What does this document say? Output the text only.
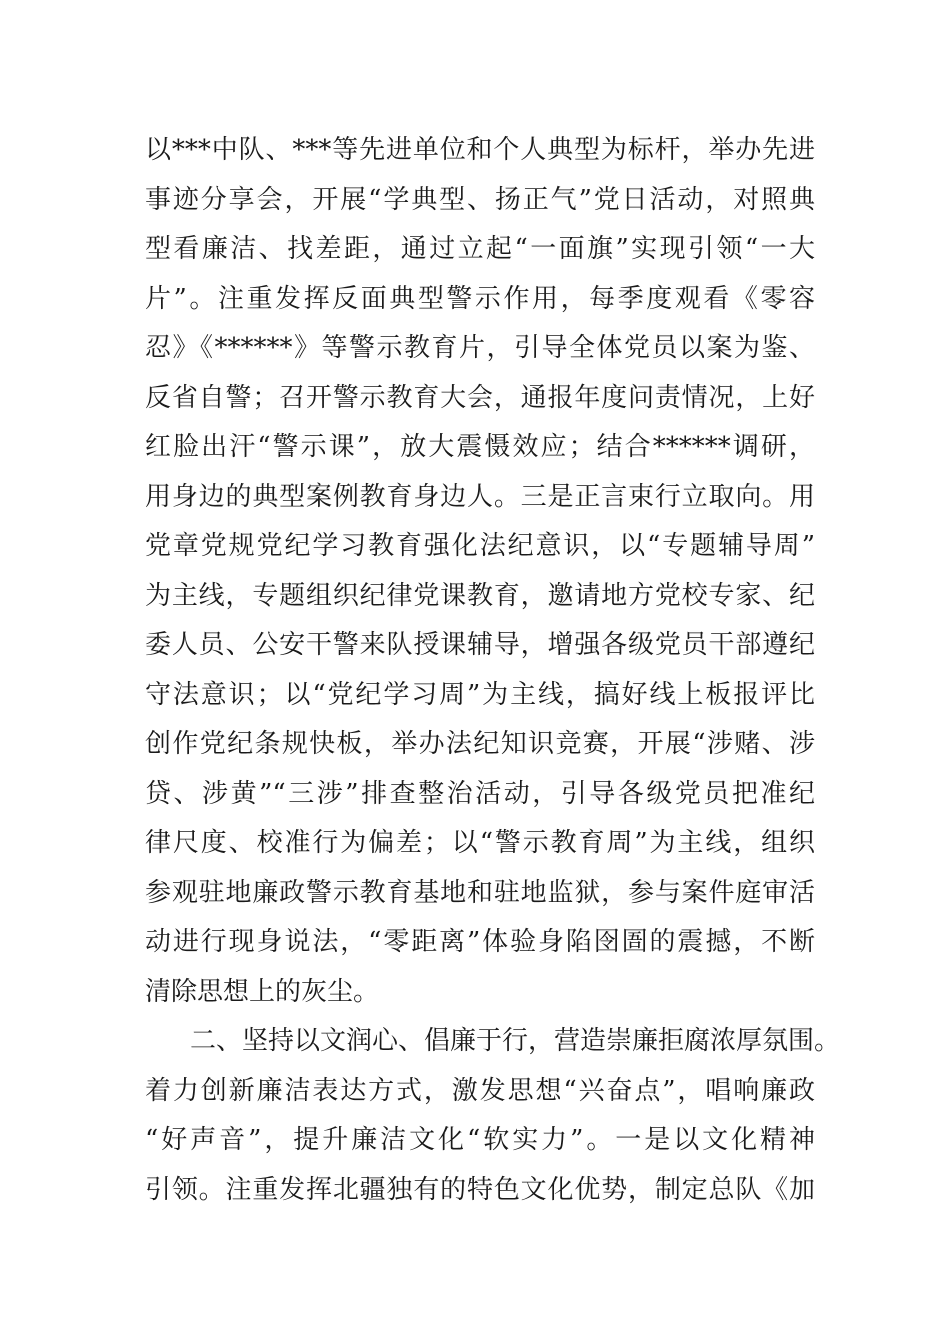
以***中队、***等先进单位和个人典型为标杆，举办先进
事迹分享会，开展“学典型、扬正气”党日活动，对照典
型看廉洁、找差距，通过立起“一面旗”实现引领“一大
片”。注重发挥反面典型警示作用，每季度观看《零容
忍》《******》等警示教育片，引导全体党员以案为鉴、
反省自警；召开警示教育大会，通报年度问责情况，上好
红脸出汗“警示课”，放大震慑效应；结合******调研，
用身边的典型案例教育身边人。三是正言束行立取向。用
党章党规党纪学习教育强化法纪意识，以“专题辅导周”
为主线，专题组织纪律党课教育，邀请地方党校专家、纪
委人员、公安干警来队授课辅导，增强各级党员干部遵纪
守法意识；以“党纪学习周”为主线，搞好线上板报评比
创作党纪条规快板，举办法纪知识竞赛，开展“涉赌、涉
贷、涉黄”“三涉”排查整治活动，引导各级党员把准纪
律尺度、校准行为偏差；以“警示教育周”为主线，组织
参观驻地廉政警示教育基地和驻地监狱，参与案件庭审活
动进行现身说法，“零距离”体验身陷囹圄的震撼，不断
清除思想上的灰尘。
二、坚持以文润心、倡廉于行，营造崇廉拒腐浓厚氛围。
着力创新廉洁表达方式，激发思想“兴奋点”，唱响廉政
“好声音”，提升廉洁文化“软实力”。一是以文化精神
引领。注重发挥北疆独有的特色文化优势，制定总队《加
